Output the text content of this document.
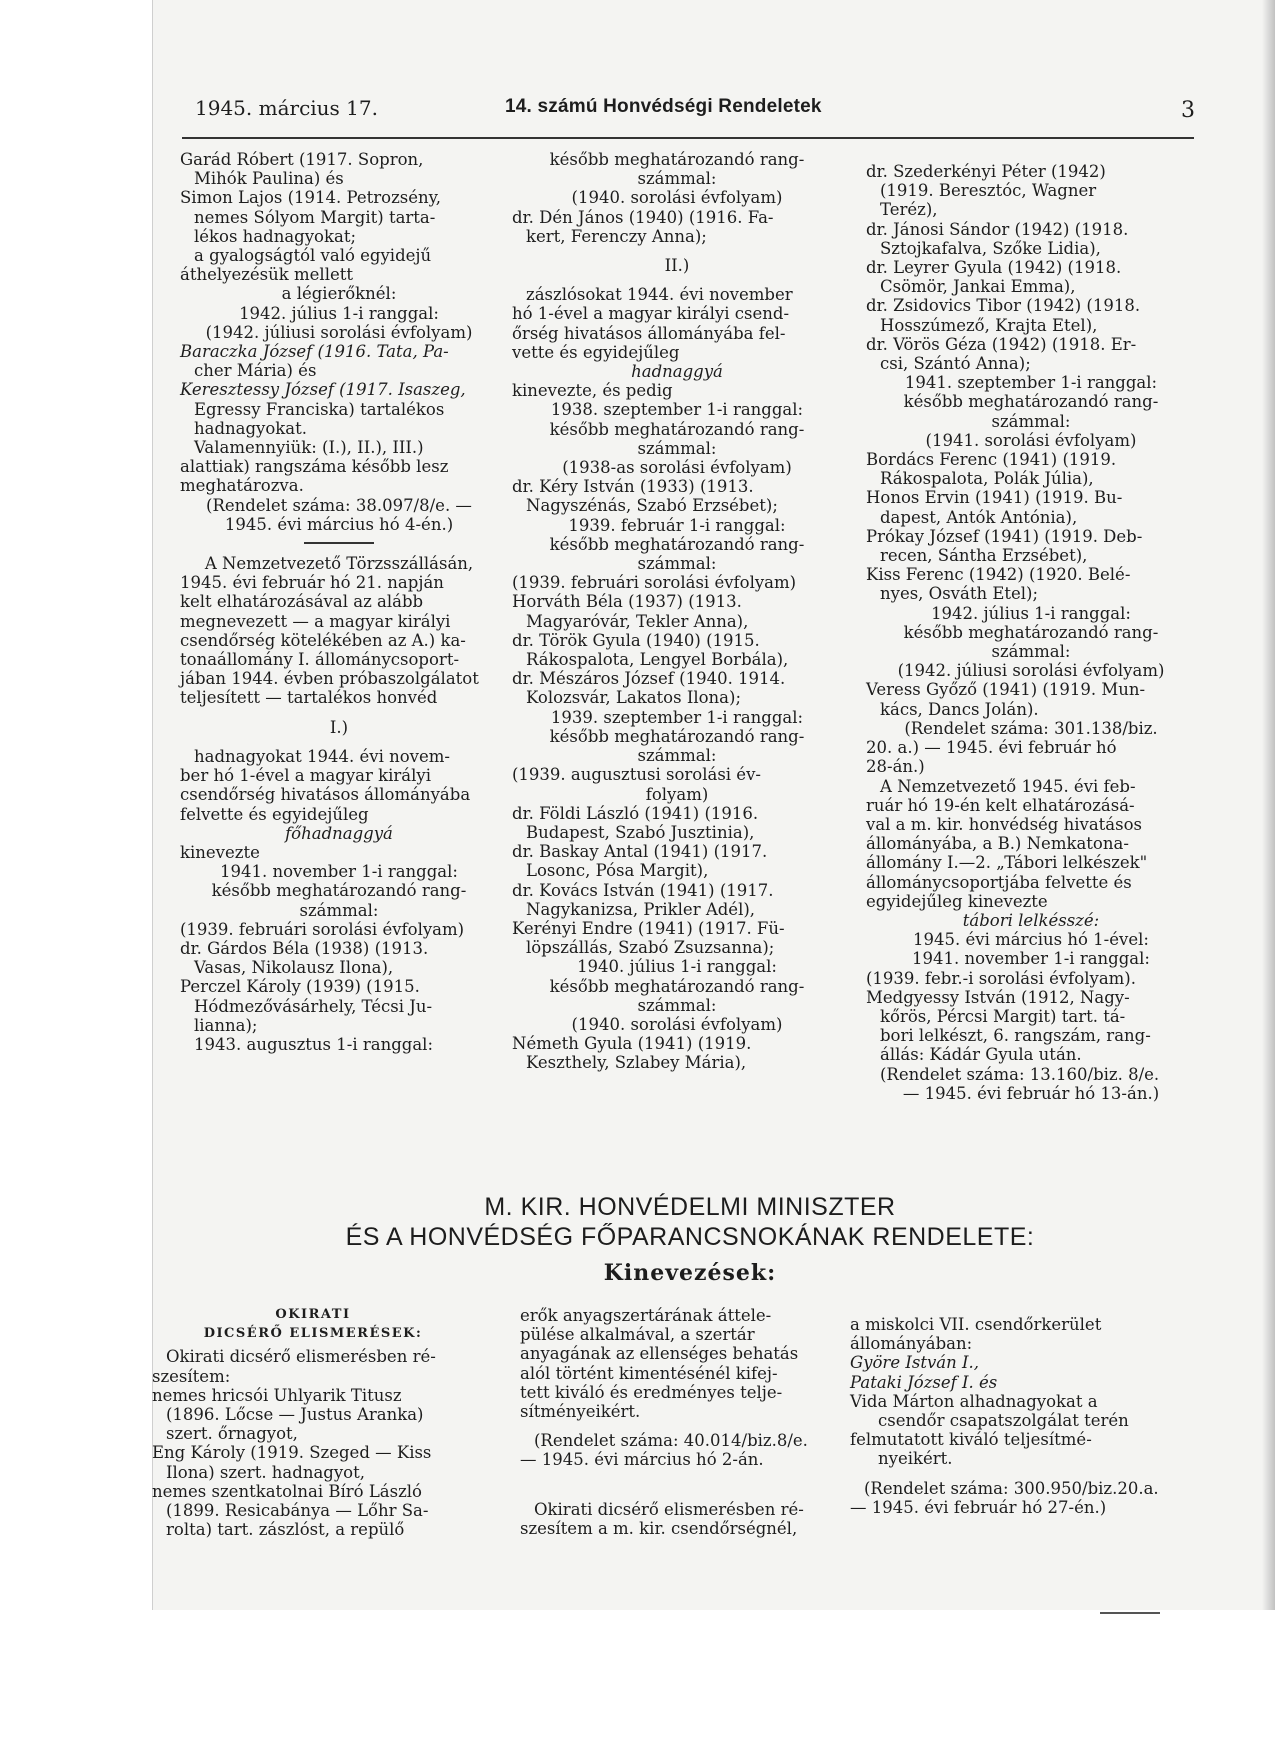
1945. március 17.	14. számú Honvédségi Rendeletek	3

Garád Róbert (1917. Sopron,

Mihók Paulina) és

Simon Lajos (1914. Petrozsény,

nemes Sólyom Margit) tarta-

lékos hadnagyokat;

a gyalogságtól való egyidejű

áthelyezésük mellett

a légierőknél:

1942. július 1-i ranggal:

(1942. júliusi sorolási évfolyam)

Baraczka József (1916. Tata, Pa-

cher Mária) és

Keresztessy József (1917. Isaszeg,

Egressy Franciska) tartalékos

hadnagyokat.

Valamennyiük: (I.), II.), III.)

alattiak) rangszáma később lesz

meghatározva.

(Rendelet száma: 38.097/8/e. —

1945. évi március hó 4-én.)

A Nemzetvezető Törzsszállásán,

1945. évi február hó 21. napján

kelt elhatározásával az alább

megnevezett — a magyar királyi

csendőrség kötelékében az A.) ka-

tonaállomány I. állománycsoport-

jában 1944. évben próbaszolgálatot

teljesített — tartalékos honvéd

I.)

hadnagyokat 1944. évi novem-

ber hó 1-ével a magyar királyi

csendőrség hivatásos állományába

felvette és egyidejűleg

főhadnaggyá

kinevezte

1941. november 1-i ranggal:

később meghatározandó rang-

számmal:

(1939. februári sorolási évfolyam)

dr. Gárdos Béla (1938) (1913.

Vasas, Nikolausz Ilona),

Perczel Károly (1939) (1915.

Hódmezővásárhely, Técsi Ju-

lianna);

1943. augusztus 1-i ranggal:

később meghatározandó rang-

számmal:

(1940. sorolási évfolyam)

dr. Dén János (1940) (1916. Fa-

kert, Ferenczy Anna);

II.)

zászlósokat 1944. évi november

hó 1-ével a magyar királyi csend-

őrség hivatásos állományába fel-

vette és egyidejűleg

hadnaggyá

kinevezte, és pedig

1938. szeptember 1-i ranggal:

később meghatározandó rang-

számmal:

(1938-as sorolási évfolyam)

dr. Kéry István (1933) (1913.

Nagyszénás, Szabó Erzsébet);

1939. február 1-i ranggal:

később meghatározandó rang-

számmal:

(1939. februári sorolási évfolyam)

Horváth Béla (1937) (1913.

Magyaróvár, Tekler Anna),

dr. Török Gyula (1940) (1915.

Rákospalota, Lengyel Borbála),

dr. Mészáros József (1940. 1914.

Kolozsvár, Lakatos Ilona);

1939. szeptember 1-i ranggal:

később meghatározandó rang-

számmal:

(1939. augusztusi sorolási év-

folyam)

dr. Földi László (1941) (1916.

Budapest, Szabó Jusztinia),

dr. Baskay Antal (1941) (1917.

Losonc, Pósa Margit),

dr. Kovács István (1941) (1917.

Nagykanizsa, Prikler Adél),

Kerényi Endre (1941) (1917. Fü-

löpszállás, Szabó Zsuzsanna);

1940. július 1-i ranggal:

később meghatározandó rang-

számmal:

(1940. sorolási évfolyam)

Németh Gyula (1941) (1919.

Keszthely, Szlabey Mária),

dr. Szederkényi Péter (1942)

(1919. Beresztóc, Wagner

Teréz),

dr. Jánosi Sándor (1942) (1918.

Sztojkafalva, Szőke Lidia),

dr. Leyrer Gyula (1942) (1918.

Csömör, Jankai Emma),

dr. Zsidovics Tibor (1942) (1918.

Hosszúmező, Krajta Etel),

dr. Vörös Géza (1942) (1918. Er-

csi, Szántó Anna);

1941. szeptember 1-i ranggal:

később meghatározandó rang-

számmal:

(1941. sorolási évfolyam)

Bordács Ferenc (1941) (1919.

Rákospalota, Polák Júlia),

Honos Ervin (1941) (1919. Bu-

dapest, Antók Antónia),

Prókay József (1941) (1919. Deb-

recen, Sántha Erzsébet),

Kiss Ferenc (1942) (1920. Belé-

nyes, Osváth Etel);

1942. július 1-i ranggal:

később meghatározandó rang-

számmal:

(1942. júliusi sorolási évfolyam)

Veress Győző (1941) (1919. Mun-

kács, Dancs Jolán).

(Rendelet száma: 301.138/biz.

20. a.) — 1945. évi február hó

28-án.)

A Nemzetvezető 1945. évi feb-

ruár hó 19-én kelt elhatározásá-

val a m. kir. honvédség hivatásos

állományába, a B.) Nemkatona-

állomány I.—2. „Tábori lelkészek"

állománycsoportjába felvette és

egyidejűleg kinevezte

tábori lelkésszé:

1945. évi március hó 1-ével:

1941. november 1-i ranggal:

(1939. febr.-i sorolási évfolyam).

Medgyessy István (1912, Nagy-

kőrös, Pércsi Margit) tart. tá-

bori lelkészt, 6. rangszám, rang-

állás: Kádár Gyula után.

(Rendelet száma: 13.160/biz. 8/e.

— 1945. évi február hó 13-án.)

M. KIR. HONVÉDELMI MINISZTER
ÉS A HONVÉDSÉG FŐPARANCSNOKÁNAK RENDELETE:
Kinevezések:

OKIRATI

DICSÉRŐ ELISMERÉSEK:

Okirati dicsérő elismerésben ré-

szesítem:

nemes hricsói Uhlyarik Titusz

(1896. Lőcse — Justus Aranka)

szert. őrnagyot,

Eng Károly (1919. Szeged — Kiss

Ilona) szert. hadnagyot,

nemes szentkatolnai Bíró László

(1899. Resicabánya — Lőhr Sa-

rolta) tart. zászlóst, a repülő

erők anyagszertárának áttele-

pülése alkalmával, a szertár

anyagának az ellenséges behatás

alól történt kimentésénél kifej-

tett kiváló és eredményes telje-

sítményeikért.

(Rendelet száma: 40.014/biz.8/e.

— 1945. évi március hó 2-án.

Okirati dicsérő elismerésben ré-

szesítem a m. kir. csendőrségnél,

a miskolci VII. csendőrkerület

állományában:

Györe István I.,

Pataki József I. és

Vida Márton alhadnagyokat a

csendőr csapatszolgálat terén

felmutatott kiváló teljesítmé-

nyeikért.

(Rendelet száma: 300.950/biz.20.a.

— 1945. évi február hó 27-én.)
